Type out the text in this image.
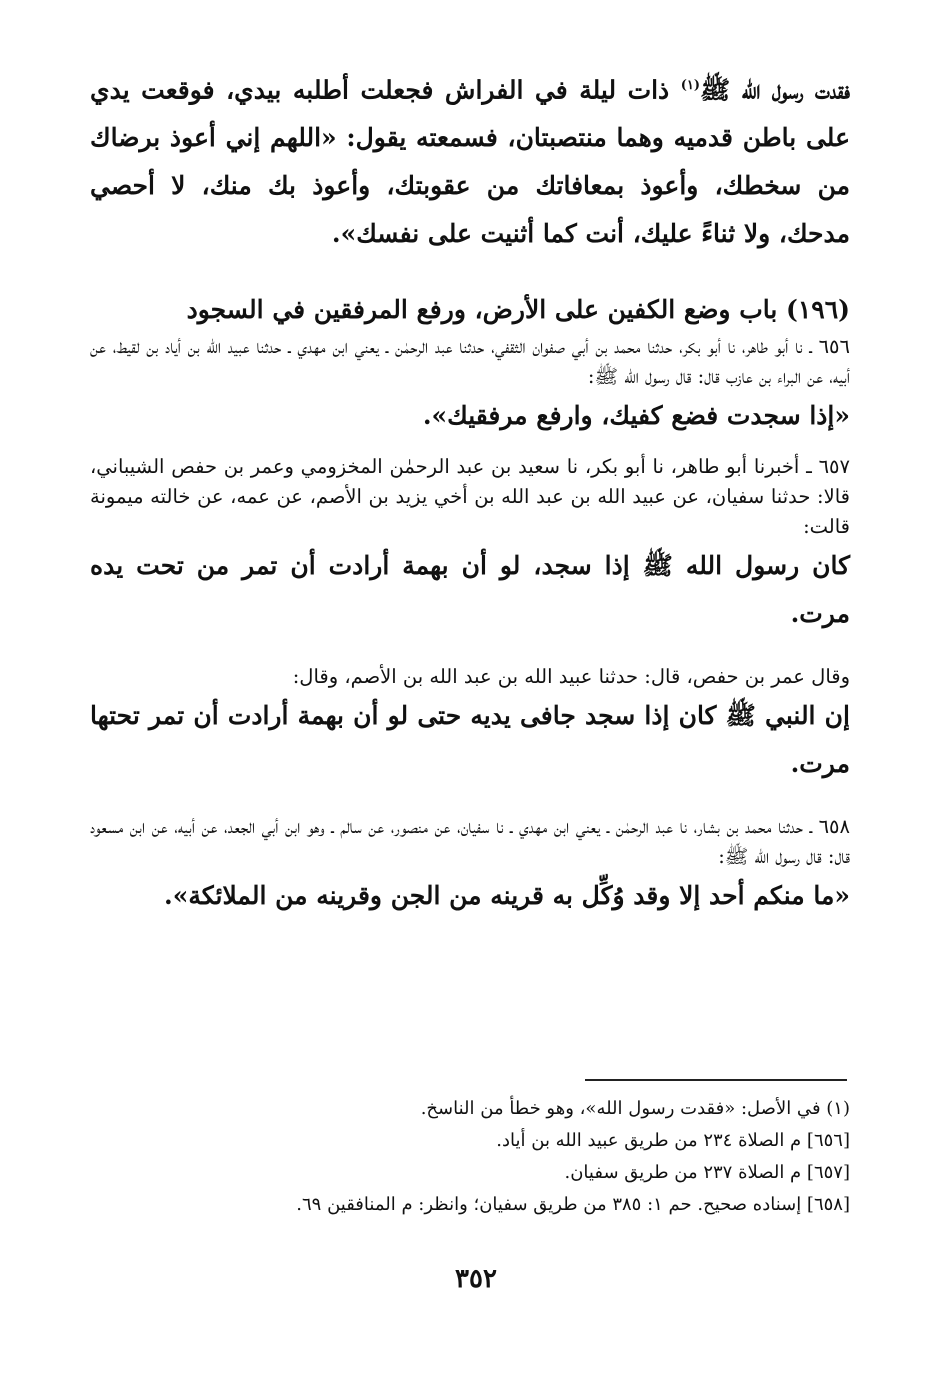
فقدت رسول الله ﷺ$^{(١)}$ ذات ليلة في الفراش فجعلت أطلبه بيدي، فوقعت يدي على باطن قدميه وهما منتصبتان، فسمعته يقول: «اللهم إني أعوذ برضاك من سخطك، وأعوذ بمعافاتك من عقوبتك، وأعوذ بك منك، لا أحصي مدحك، ولا ثناءً عليك، أنت كما أثنيت على نفسك».

(١٩٦) باب وضع الكفين على الأرض، ورفع المرفقين في السجود

٦٥٦ ـ نا أبو طاهر، نا أبو بكر، حدثنا محمد بن أبي صفوان الثقفي، حدثنا عبد الرحمٰن ـ يعني ابن مهدي ـ حدثنا عبيد الله بن أياد بن لقيط، عن أبيه، عن البراء بن عازب قال: قال رسول الله ﷺ:

«إذا سجدت فضع كفيك، وارفع مرفقيك».

٦٥٧ ـ أخبرنا أبو طاهر، نا أبو بكر، نا سعيد بن عبد الرحمٰن المخزومي وعمر بن حفص الشيباني، قالا: حدثنا سفيان، عن عبيد الله بن عبد الله بن أخي يزيد بن الأصم، عن عمه، عن خالته ميمونة قالت:

كان رسول الله ﷺ إذا سجد، لو أن بهمة أرادت أن تمر من تحت يده مرت.

وقال عمر بن حفص، قال: حدثنا عبيد الله بن عبد الله بن الأصم، وقال:

إن النبي ﷺ كان إذا سجد جافى يديه حتى لو أن بهمة أرادت أن تمر تحتها مرت.

٦٥٨ ـ حدثنا محمد بن بشار، نا عبد الرحمٰن ـ يعني ابن مهدي ـ نا سفيان، عن منصور، عن سالم ـ وهو ابن أبي الجعد، عن أبيه، عن ابن مسعود قال: قال رسول الله ﷺ:

«ما منكم أحد إلا وقد وُكِّل به قرينه من الجن وقرينه من الملائكة».

(١) في الأصل: «فقدت رسول الله»، وهو خطأ من الناسخ.

[٦٥٦] م الصلاة ٢٣٤ من طريق عبيد الله بن أياد.

[٦٥٧] م الصلاة ٢٣٧ من طريق سفيان.

[٦٥٨] إسناده صحيح. حم ١: ٣٨٥ من طريق سفيان؛ وانظر: م المنافقين ٦٩.

٣٥٢
